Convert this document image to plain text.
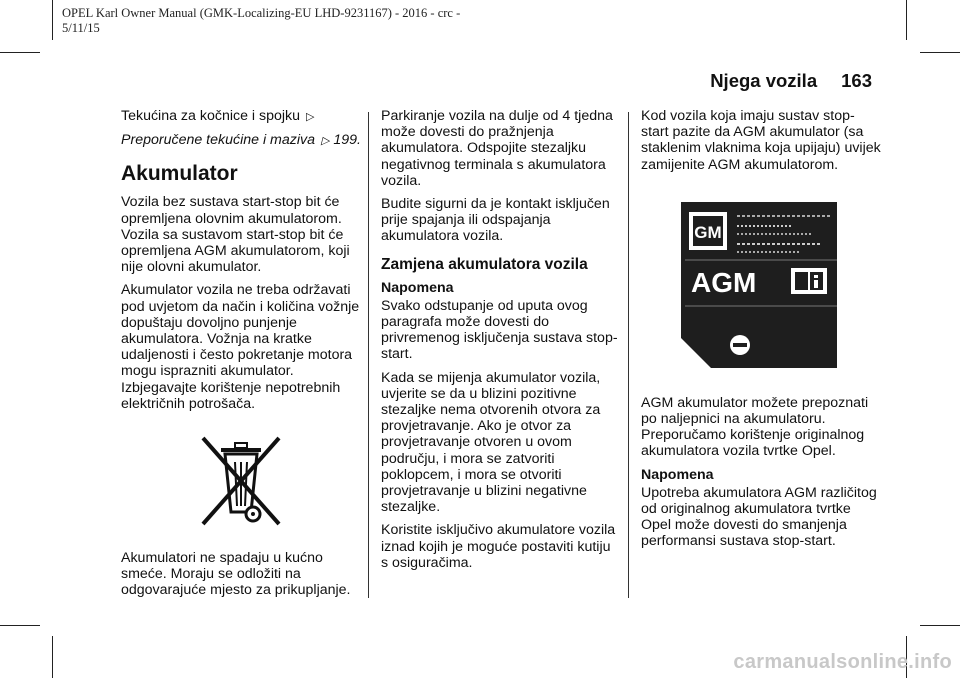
OPEL Karl Owner Manual (GMK-Localizing-EU LHD-9231167) - 2016 - crc -
5/11/15
Njega vozila 163

Tekućina za kočnice i spojku ▷

Preporučene tekućine i maziva ▷ 199.

Akumulator

Vozila bez sustava start-stop bit će opremljena olovnim akumulatorom. Vozila sa sustavom start-stop bit će opremljena AGM akumulatorom, koji nije olovni akumulator.

Akumulator vozila ne treba održavati pod uvjetom da način i količina vožnje dopuštaju dovoljno punjenje akumulatora. Vožnja na kratke udaljenosti i često pokretanje motora mogu isprazniti akumulator. Izbjegavajte korištenje nepotrebnih električnih potrošača.

Akumulatori ne spadaju u kućno smeće. Moraju se odložiti na odgovarajuće mjesto za prikupljanje.

Parkiranje vozila na dulje od 4 tjedna može dovesti do pražnjenja akumulatora. Odspojite stezaljku negativnog terminala s akumulatora vozila.

Budite sigurni da je kontakt isključen prije spajanja ili odspajanja akumulatora vozila.

Zamjena akumulatora vozila

Napomena

Svako odstupanje od uputa ovog paragrafa može dovesti do privremenog isključenja sustava stop-start.

Kada se mijenja akumulator vozila, uvjerite se da u blizini pozitivne stezaljke nema otvorenih otvora za provjetravanje. Ako je otvor za provjetravanje otvoren u ovom području, i mora se zatvoriti poklopcem, i mora se otvoriti provjetravanje u blizini negativne stezaljke.

Koristite isključivo akumulatore vozila iznad kojih je moguće postaviti kutiju s osiguračima.

Kod vozila koja imaju sustav stop-start pazite da AGM akumulator (sa staklenim vlaknima koja upijaju) uvijek zamijenite AGM akumulatorom.

GM
AGM

AGM akumulator možete prepoznati po naljepnici na akumulatoru. Preporučamo korištenje originalnog akumulatora vozila tvrtke Opel.

Napomena

Upotreba akumulatora AGM različitog od originalnog akumulatora tvrtke Opel može dovesti do smanjenja performansi sustava stop-start.

carmanualsonline.info
